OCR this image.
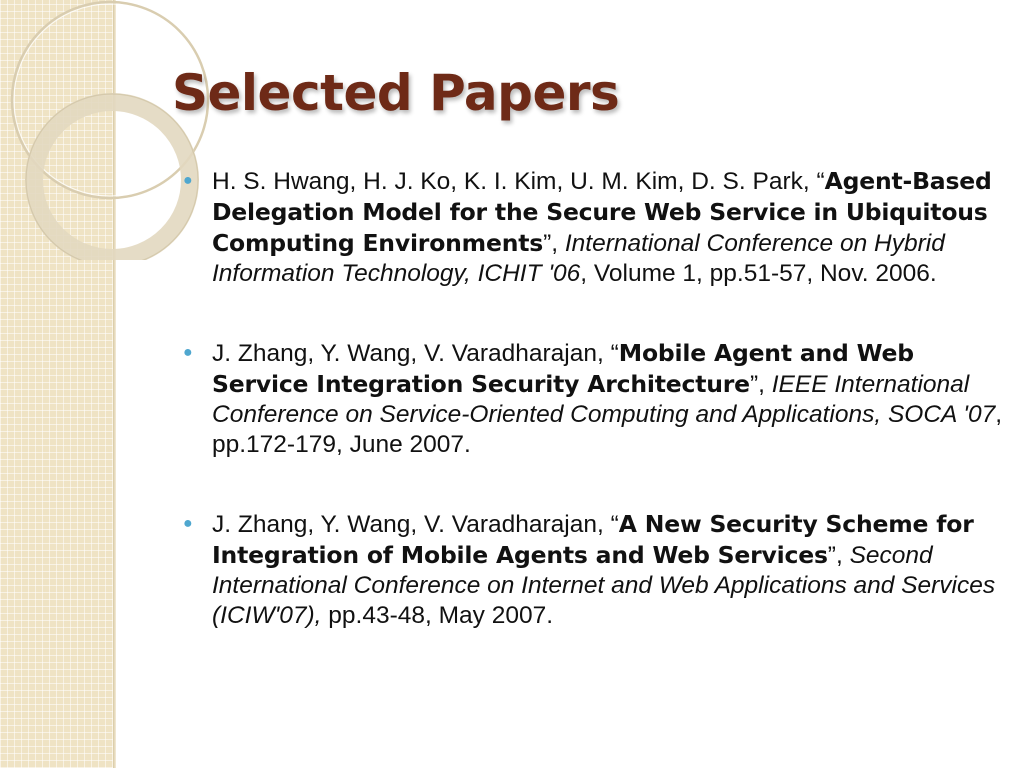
Selected Papers
● H. S. Hwang, H. J. Ko, K. I. Kim, U. M. Kim, D. S. Park, “Agent-Based Delegation Model for the Secure Web Service in Ubiquitous Computing Environments”, International Conference on Hybrid Information Technology, ICHIT '06, Volume 1, pp.51-57, Nov. 2006.
● J. Zhang, Y. Wang, V. Varadharajan, “Mobile Agent and Web Service Integration Security Architecture”, IEEE International Conference on Service-Oriented Computing and Applications, SOCA '07, pp.172-179, June 2007.
● J. Zhang, Y. Wang, V. Varadharajan, “A New Security Scheme for Integration of Mobile Agents and Web Services”, Second International Conference on Internet and Web Applications and Services (ICIW'07), pp.43-48, May 2007.
